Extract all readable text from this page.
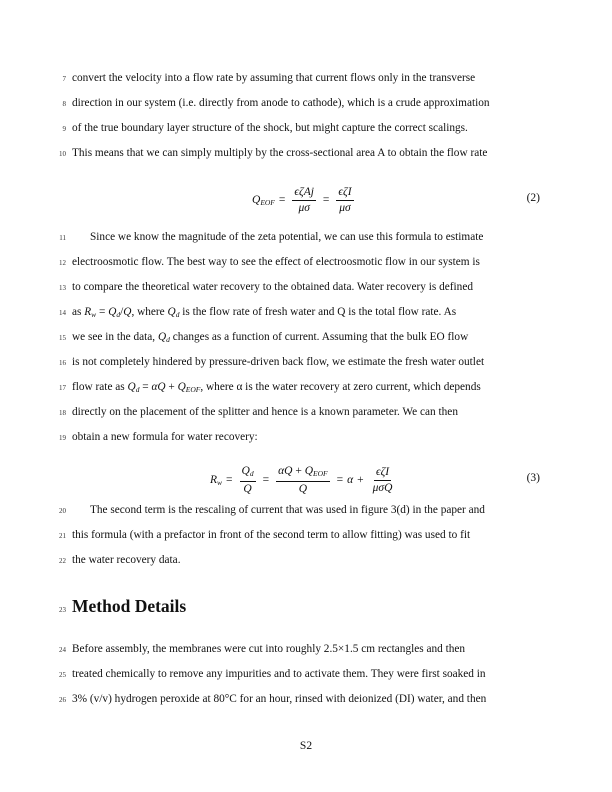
7 convert the velocity into a flow rate by assuming that current flows only in the transverse
8 direction in our system (i.e. directly from anode to cathode), which is a crude approximation
9 of the true boundary layer structure of the shock, but might capture the correct scalings.
10 This means that we can simply multiply by the cross-sectional area A to obtain the flow rate
$Q_{EOF} = \frac{\text{ϵζAj}}{\mu\sigma} = \frac{\text{ϵζI}}{\mu\sigma}$	(2)
11	Since we know the magnitude of the zeta potential, we can use this formula to estimate
12 electroosmotic flow. The best way to see the effect of electroosmotic flow in our system is
13 to compare the theoretical water recovery to the obtained data. Water recovery is defined
14 as $R_w = Q_d/Q$, where $Q_d$ is the flow rate of fresh water and Q is the total flow rate. As
15 we see in the data, $Q_d$ changes as a function of current. Assuming that the bulk EO flow
16 is not completely hindered by pressure-driven back flow, we estimate the fresh water outlet
17 flow rate as $Q_d = \alpha Q + Q_{EOF}$, where α is the water recovery at zero current, which depends
18 directly on the placement of the splitter and hence is a known parameter. We can then
19 obtain a new formula for water recovery:
$R_w = \frac{Q_d}{Q} = \frac{\alpha Q + Q_{EOF}}{Q} = \alpha + \frac{\text{ϵζI}}{\text{μσQ}}$	(3)
20	The second term is the rescaling of current that was used in figure 3(d) in the paper and
21 this formula (with a prefactor in front of the second term to allow fitting) was used to fit
22 the water recovery data.
23 Method Details
24 Before assembly, the membranes were cut into roughly 2.5×1.5 cm rectangles and then
25 treated chemically to remove any impurities and to activate them. They were first soaked in
26 3% (v/v) hydrogen peroxide at 80°C for an hour, rinsed with deionized (DI) water, and then
S2
